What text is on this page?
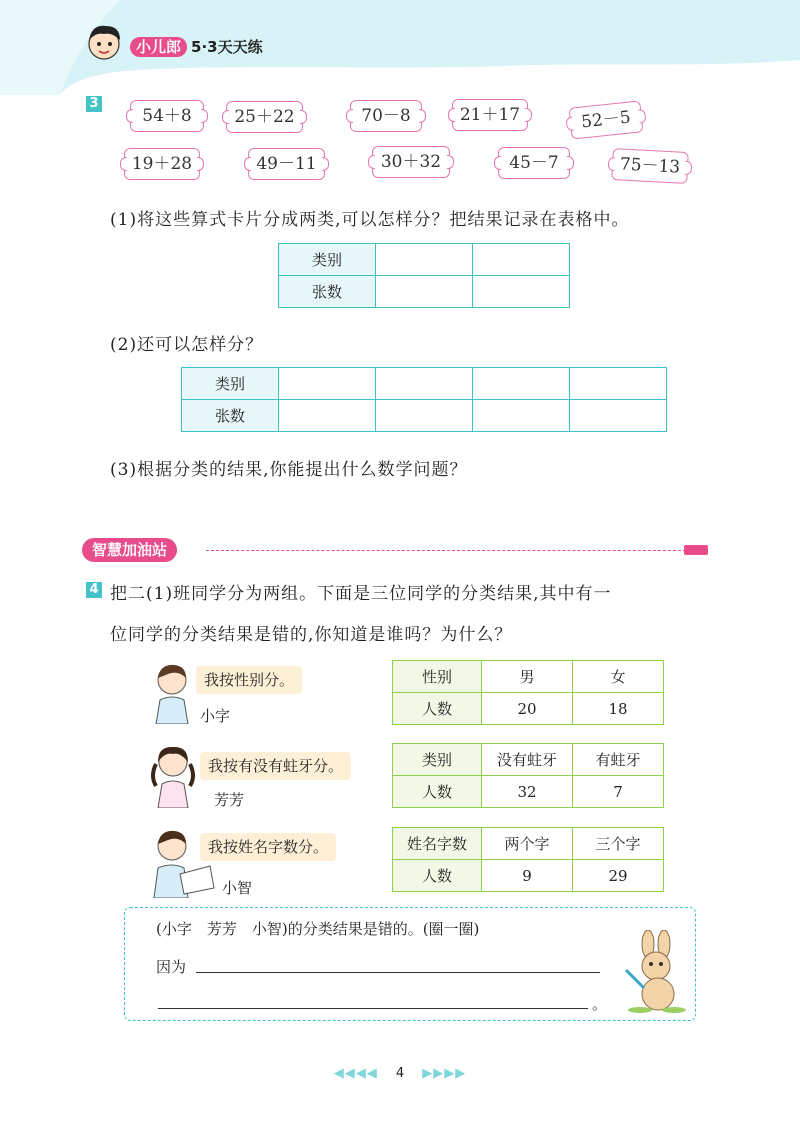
小儿郎 5·3天天练
3
54＋8	25＋22	70－8	21＋17	52－5
19＋28	49－11	30＋32	45－7	75－13
(1)将这些算式卡片分成两类,可以怎样分？把结果记录在表格中。
类别		
张数		
(2)还可以怎样分？
类别				
张数				
(3)根据分类的结果,你能提出什么数学问题？
智慧加油站
4 把二(1)班同学分为两组。下面是三位同学的分类结果,其中有一
位同学的分类结果是错的,你知道是谁吗？为什么？
我按性别分。
小字
性别	男	女
人数	20	18
我按有没有蛀牙分。
芳芳
类别	没有蛀牙	有蛀牙
人数	32	7
我按姓名字数分。
小智
姓名字数	两个字	三个字
人数	9	29
(小字　芳芳　小智)的分类结果是错的。(圈一圈)
因为
。
◀◀◀◀ 4 ▶▶▶▶
